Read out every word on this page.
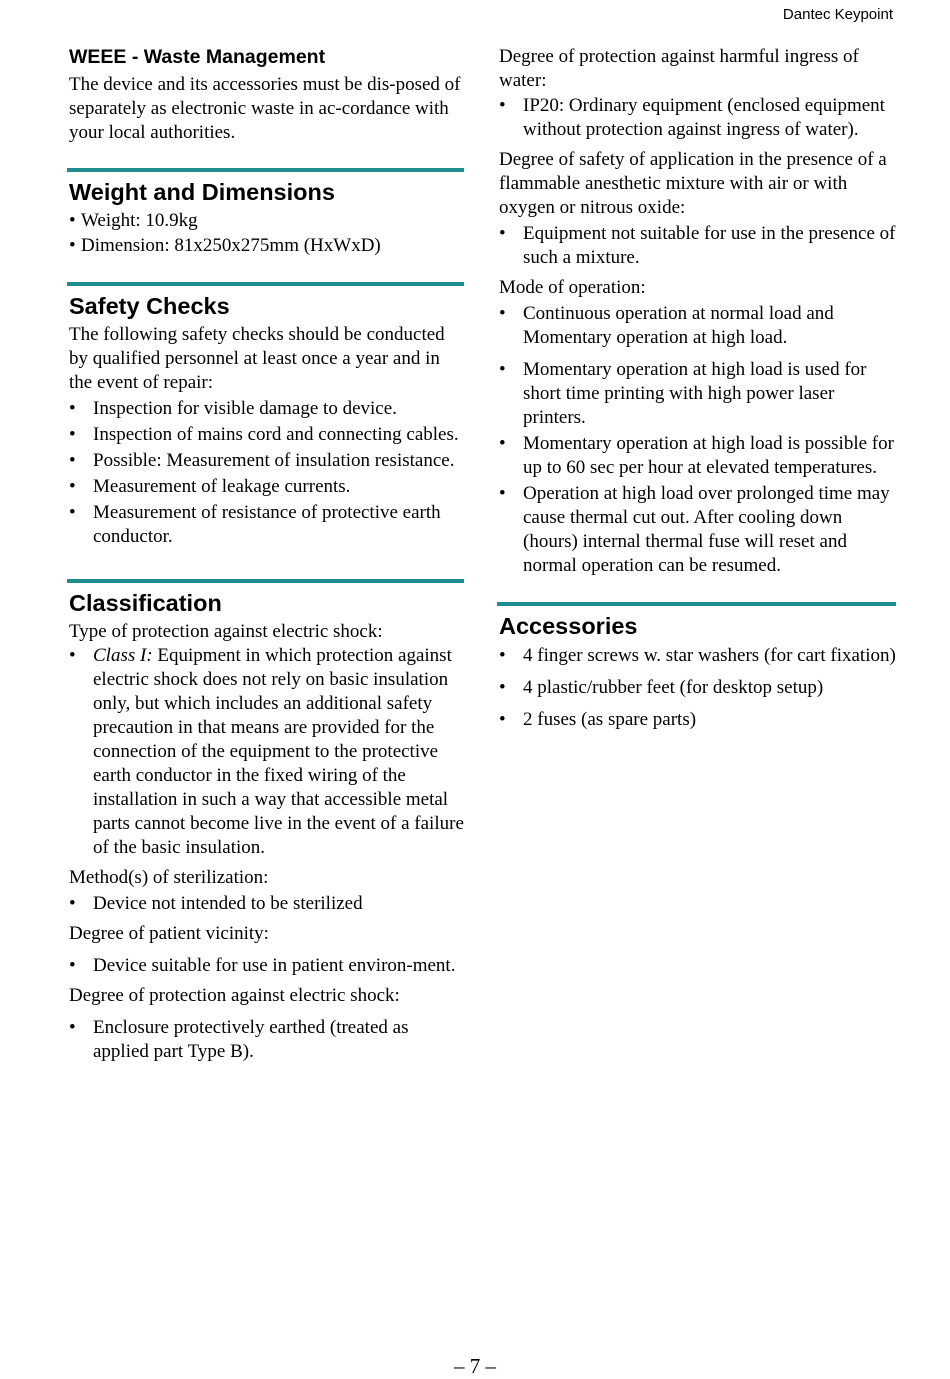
Dantec Keypoint
WEEE - Waste Management

The device and its accessories must be dis-posed of separately as electronic waste in ac-cordance with your local authorities.

Weight and Dimensions
• Weight: 10.9kg
• Dimension: 81x250x275mm (HxWxD)
Safety Checks

The following safety checks should be conducted by qualified personnel at least once a year and in the event of repair:

• Inspection for visible damage to device.
• Inspection of mains cord and connecting cables.
• Possible: Measurement of insulation resistance.
• Measurement of leakage currents.
• Measurement of resistance of protective earth conductor.
Classification

Type of protection against electric shock:

• Class I: Equipment in which protection against electric shock does not rely on basic insulation only, but which includes an additional safety precaution in that means are provided for the connection of the equipment to the protective earth conductor in the fixed wiring of the installation in such a way that accessible metal parts cannot become live in the event of a failure of the basic insulation.

Method(s) of sterilization:

• Device not intended to be sterilized

Degree of patient vicinity:

• Device suitable for use in patient environ-ment.

Degree of protection against electric shock:

• Enclosure protectively earthed (treated as applied part Type B).

Degree of protection against harmful ingress of water:

• IP20: Ordinary equipment (enclosed equipment without protection against ingress of water).

Degree of safety of application in the presence of a flammable anesthetic mixture with air or with oxygen or nitrous oxide:

• Equipment not suitable for use in the presence of such a mixture.

Mode of operation:

• Continuous operation at normal load and Momentary operation at high load.
• Momentary operation at high load is used for short time printing with high power laser printers.
• Momentary operation at high load is possible for up to 60 sec per hour at elevated temperatures.
• Operation at high load over prolonged time may cause thermal cut out. After cooling down (hours) internal thermal fuse will reset and normal operation can be resumed.
Accessories
• 4 finger screws w. star washers (for cart fixation)
• 4 plastic/rubber feet (for desktop setup)
• 2 fuses (as spare parts)
– 7 –
